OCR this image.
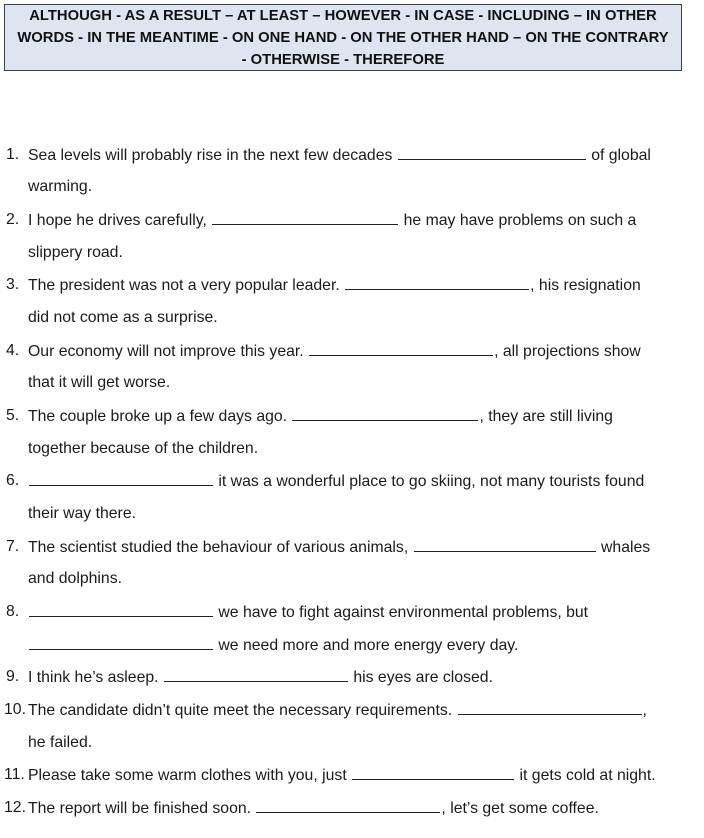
ALTHOUGH - AS A RESULT – AT LEAST – HOWEVER - IN CASE - INCLUDING – IN OTHER WORDS - IN THE MEANTIME - ON ONE HAND - ON THE OTHER HAND – ON THE CONTRARY - OTHERWISE - THEREFORE
1. Sea levels will probably rise in the next few decades	of global
warming.
2. I hope he drives carefully,	he may have problems on such a
slippery road.
3. The president was not a very popular leader.	, his resignation
did not come as a surprise.
4. Our economy will not improve this year.	, all projections show
that it will get worse.
5. The couple broke up a few days ago.	, they are still living
together because of the children.
6.	it was a wonderful place to go skiing, not many tourists found
their way there.
7. The scientist studied the behaviour of various animals,	whales
and dolphins.
8.	we have to fight against environmental problems, but
we need more and more energy every day.
9. I think he’s asleep.	his eyes are closed.
10. The candidate didn’t quite meet the necessary requirements.	,
he failed.
11. Please take some warm clothes with you, just	it gets cold at night.
12. The report will be finished soon.	, let’s get some coffee.
